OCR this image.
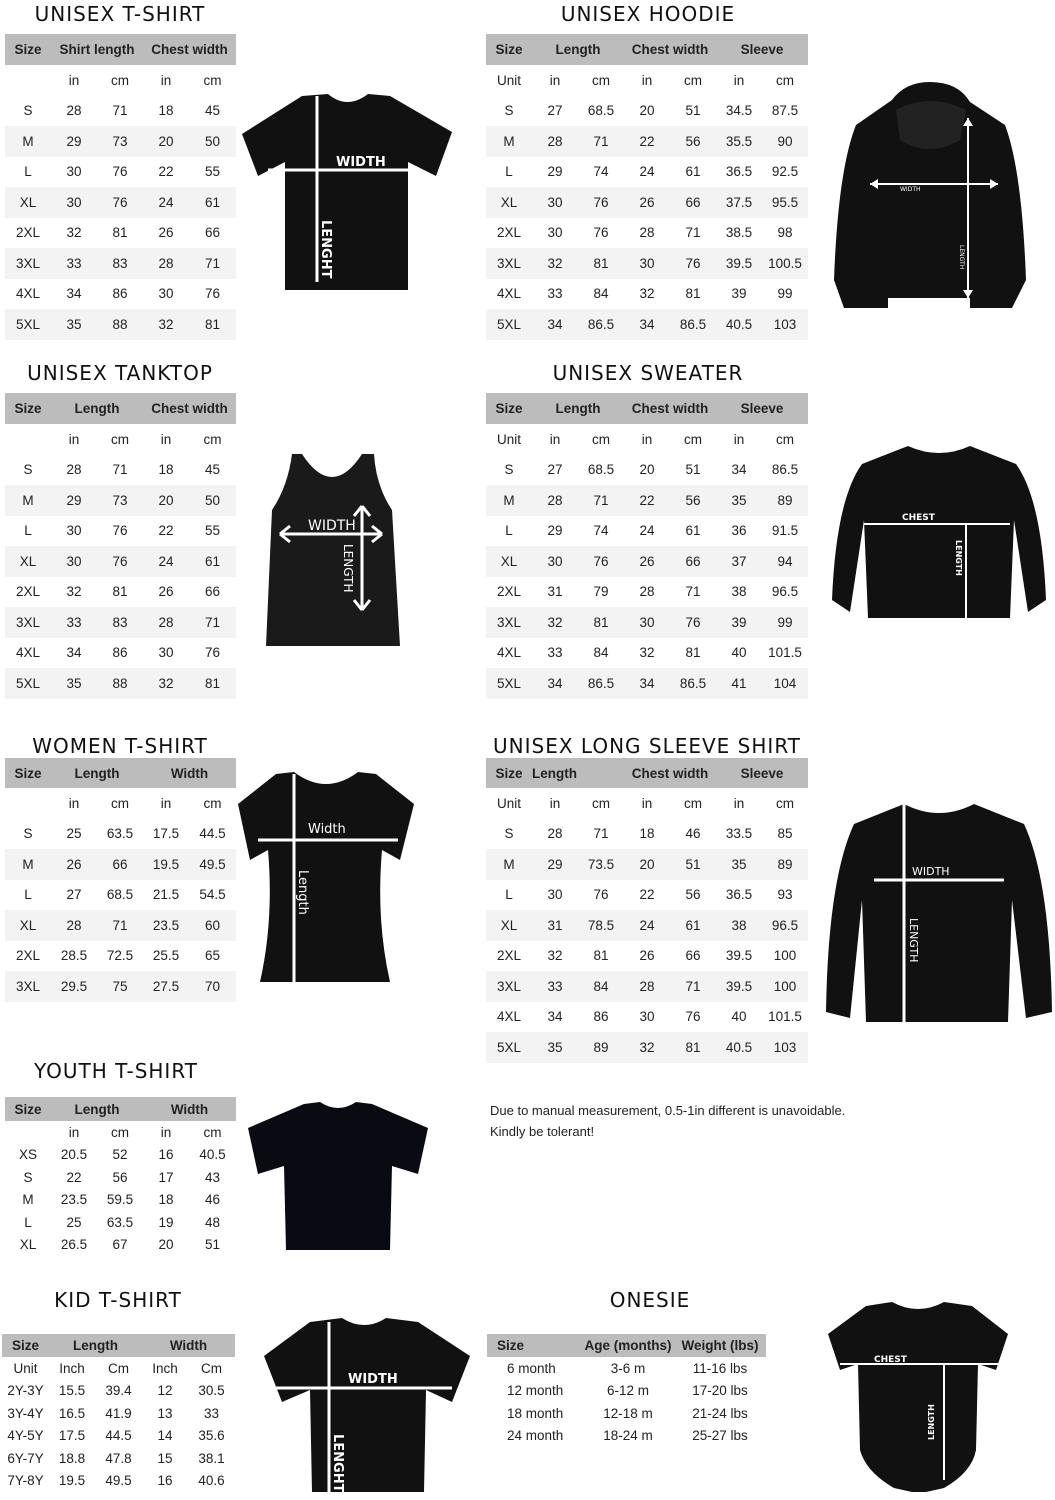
UNISEX T-SHIRT	UNISEX HOODIE
UNISEX TANKTOP	UNISEX SWEATER
WOMEN T-SHIRT	UNISEX LONG SLEEVE SHIRT
YOUTH T-SHIRT
KID T-SHIRT	ONESIE
Size	Shirt length		Chest width	
	in	cm	in	cm
S	28	71	18	45
M	29	73	20	50
L	30	76	22	55
XL	30	76	24	61
2XL	32	81	26	66
3XL	33	83	28	71
4XL	34	86	30	76
5XL	35	88	32	81
Size	Length		Chest width		Sleeve	
Unit	in	cm	in	cm	in	cm
S	27	68.5	20	51	34.5	87.5
M	28	71	22	56	35.5	90
L	29	74	24	61	36.5	92.5
XL	30	76	26	66	37.5	95.5
2XL	30	76	28	71	38.5	98
3XL	32	81	30	76	39.5	100.5
4XL	33	84	32	81	39	99
5XL	34	86.5	34	86.5	40.5	103
Size	Length		Chest width	
	in	cm	in	cm
S	28	71	18	45
M	29	73	20	50
L	30	76	22	55
XL	30	76	24	61
2XL	32	81	26	66
3XL	33	83	28	71
4XL	34	86	30	76
5XL	35	88	32	81
Size	Length		Chest width		Sleeve	
Unit	in	cm	in	cm	in	cm
S	27	68.5	20	51	34	86.5
M	28	71	22	56	35	89
L	29	74	24	61	36	91.5
XL	30	76	26	66	37	94
2XL	31	79	28	71	38	96.5
3XL	32	81	30	76	39	99
4XL	33	84	32	81	40	101.5
5XL	34	86.5	34	86.5	41	104
Size	Length		Width	
	in	cm	in	cm
S	25	63.5	17.5	44.5
M	26	66	19.5	49.5
L	27	68.5	21.5	54.5
XL	28	71	23.5	60
2XL	28.5	72.5	25.5	65
3XL	29.5	75	27.5	70
Size	Length		Chest width		Sleeve	
Unit	in	cm	in	cm	in	cm
S	28	71	18	46	33.5	85
M	29	73.5	20	51	35	89
L	30	76	22	56	36.5	93
XL	31	78.5	24	61	38	96.5
2XL	32	81	26	66	39.5	100
3XL	33	84	28	71	39.5	100
4XL	34	86	30	76	40	101.5
5XL	35	89	32	81	40.5	103
Size	Length		Width	
	in	cm	in	cm
XS	20.5	52	16	40.5
S	22	56	17	43
M	23.5	59.5	18	46
L	25	63.5	19	48
XL	26.5	67	20	51
Size	Length		Width	
Unit	Inch	Cm	Inch	Cm
2Y-3Y	15.5	39.4	12	30.5
3Y-4Y	16.5	41.9	13	33
4Y-5Y	17.5	44.5	14	35.6
6Y-7Y	18.8	47.8	15	38.1
7Y-8Y	19.5	49.5	16	40.6
Size	Age (months)	Weight (lbs)
6 month	3-6 m	11-16 lbs
12 month	6-12 m	17-20 lbs
18 month	12-18 m	21-24 lbs
24 month	18-24 m	25-27 lbs
Due to manual measurement, 0.5-1in different is unavoidable.
Kindly be tolerant!
WIDTH
LENGHT
WIDTH
LENGTH
WIDTH
LENGTH
CHEST
LENGTH
Width
Length	WIDTH
LENGTH
WIDTH
LENGHT
CHEST
LENGTH
